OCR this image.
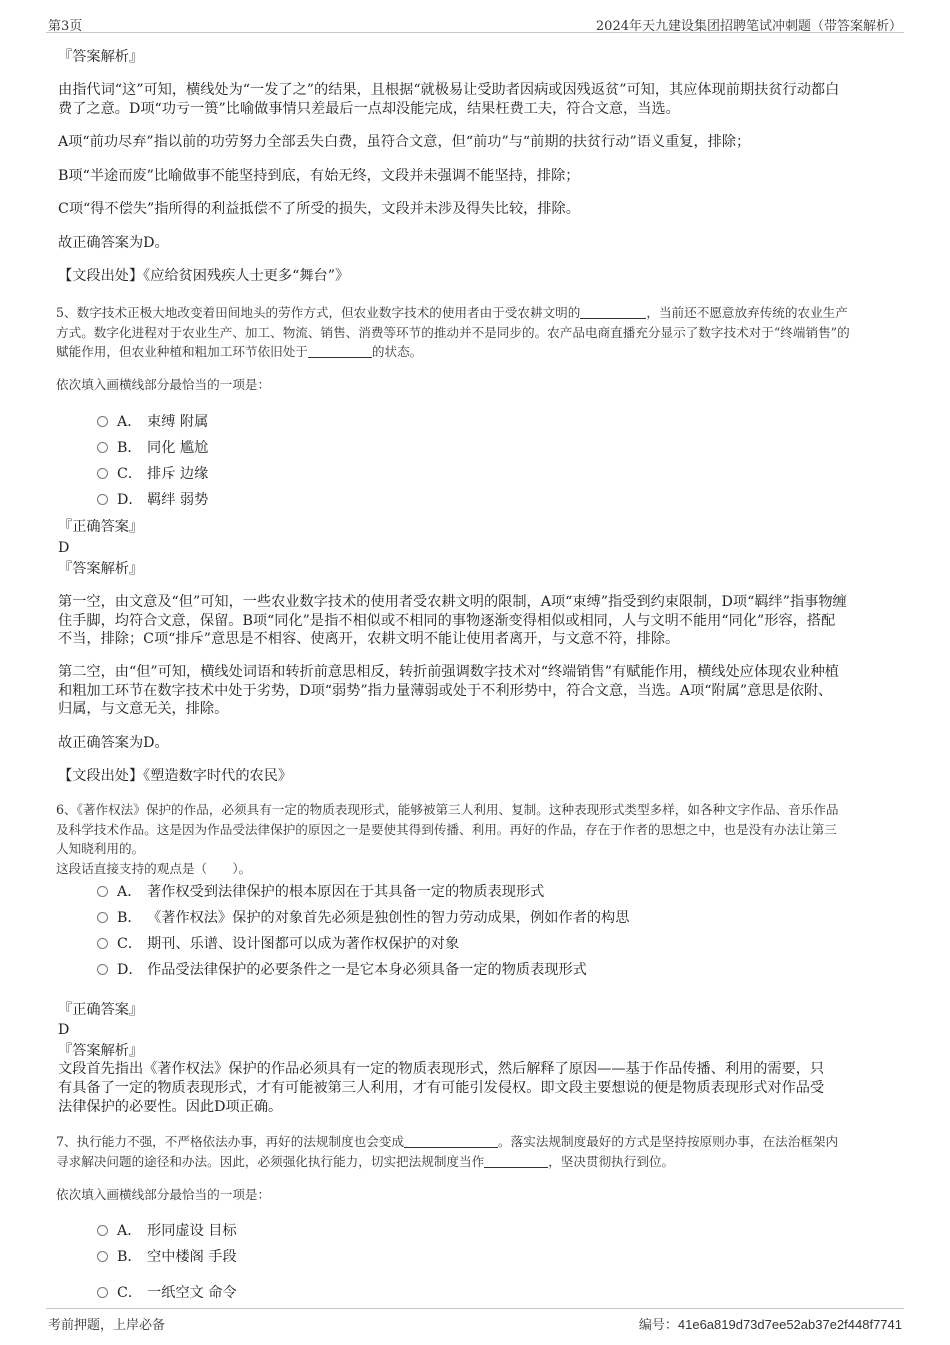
第3页	2024年天九建设集团招聘笔试冲刺题（带答案解析）
『答案解析』
由指代词“这”可知，横线处为“一发了之”的结果，且根据“就极易让受助者因病或因残返贫”可知，其应体现前期扶贫行动都白
费了之意。D项“功亏一篑”比喻做事情只差最后一点却没能完成，结果枉费工夫，符合文意，当选。
A项“前功尽弃”指以前的功劳努力全部丢失白费，虽符合文意，但“前功”与“前期的扶贫行动”语义重复，排除；
B项“半途而废”比喻做事不能坚持到底，有始无终，文段并未强调不能坚持，排除；
C项“得不偿失”指所得的利益抵偿不了所受的损失，文段并未涉及得失比较，排除。
故正确答案为D。
【文段出处】《应给贫困残疾人士更多“舞台”》
5、数字技术正极大地改变着田间地头的劳作方式，但农业数字技术的使用者由于受农耕文明的	，当前还不愿意放弃传统的农业生产
方式。数字化进程对于农业生产、加工、物流、销售、消费等环节的推动并不是同步的。农产品电商直播充分显示了数字技术对于“终端销售”的
赋能作用，但农业种植和粗加工环节依旧处于	的状态。
依次填入画横线部分最恰当的一项是：
A． 束缚 附属
B． 同化 尴尬
C． 排斥 边缘
D． 羁绊 弱势
『正确答案』
D
『答案解析』
第一空，由文意及“但”可知，一些农业数字技术的使用者受农耕文明的限制，A项“束缚”指受到约束限制，D项“羁绊”指事物缠
住手脚，均符合文意，保留。B项“同化”是指不相似或不相同的事物逐渐变得相似或相同，人与文明不能用“同化”形容，搭配
不当，排除；C项“排斥”意思是不相容、使离开，农耕文明不能让使用者离开，与文意不符，排除。
第二空，由“但”可知，横线处词语和转折前意思相反，转折前强调数字技术对“终端销售”有赋能作用，横线处应体现农业种植
和粗加工环节在数字技术中处于劣势，D项“弱势”指力量薄弱或处于不利形势中，符合文意，当选。A项“附属”意思是依附、
归属，与文意无关，排除。
故正确答案为D。
【文段出处】《塑造数字时代的农民》
6、《著作权法》保护的作品，必须具有一定的物质表现形式，能够被第三人利用、复制。这种表现形式类型多样，如各种文字作品、音乐作品
及科学技术作品。这是因为作品受法律保护的原因之一是要使其得到传播、利用。再好的作品，存在于作者的思想之中，也是没有办法让第三
人知晓利用的。
这段话直接支持的观点是（　　）。
A． 著作权受到法律保护的根本原因在于其具备一定的物质表现形式
B． 《著作权法》保护的对象首先必须是独创性的智力劳动成果，例如作者的构思
C． 期刊、乐谱、设计图都可以成为著作权保护的对象
D． 作品受法律保护的必要条件之一是它本身必须具备一定的物质表现形式
『正确答案』
D
『答案解析』
文段首先指出《著作权法》保护的作品必须具有一定的物质表现形式，然后解释了原因——基于作品传播、利用的需要，只
有具备了一定的物质表现形式，才有可能被第三人利用，才有可能引发侵权。即文段主要想说的便是物质表现形式对作品受
法律保护的必要性。因此D项正确。
7、执行能力不强，不严格依法办事，再好的法规制度也会变成	。落实法规制度最好的方式是坚持按原则办事，在法治框架内
寻求解决问题的途径和办法。因此，必须强化执行能力，切实把法规制度当作	，坚决贯彻执行到位。
依次填入画横线部分最恰当的一项是：
A． 形同虚设 目标
B． 空中楼阁 手段
C． 一纸空文 命令
考前押题，上岸必备	编号：41e6a819d73d7ee52ab37e2f448f7741
